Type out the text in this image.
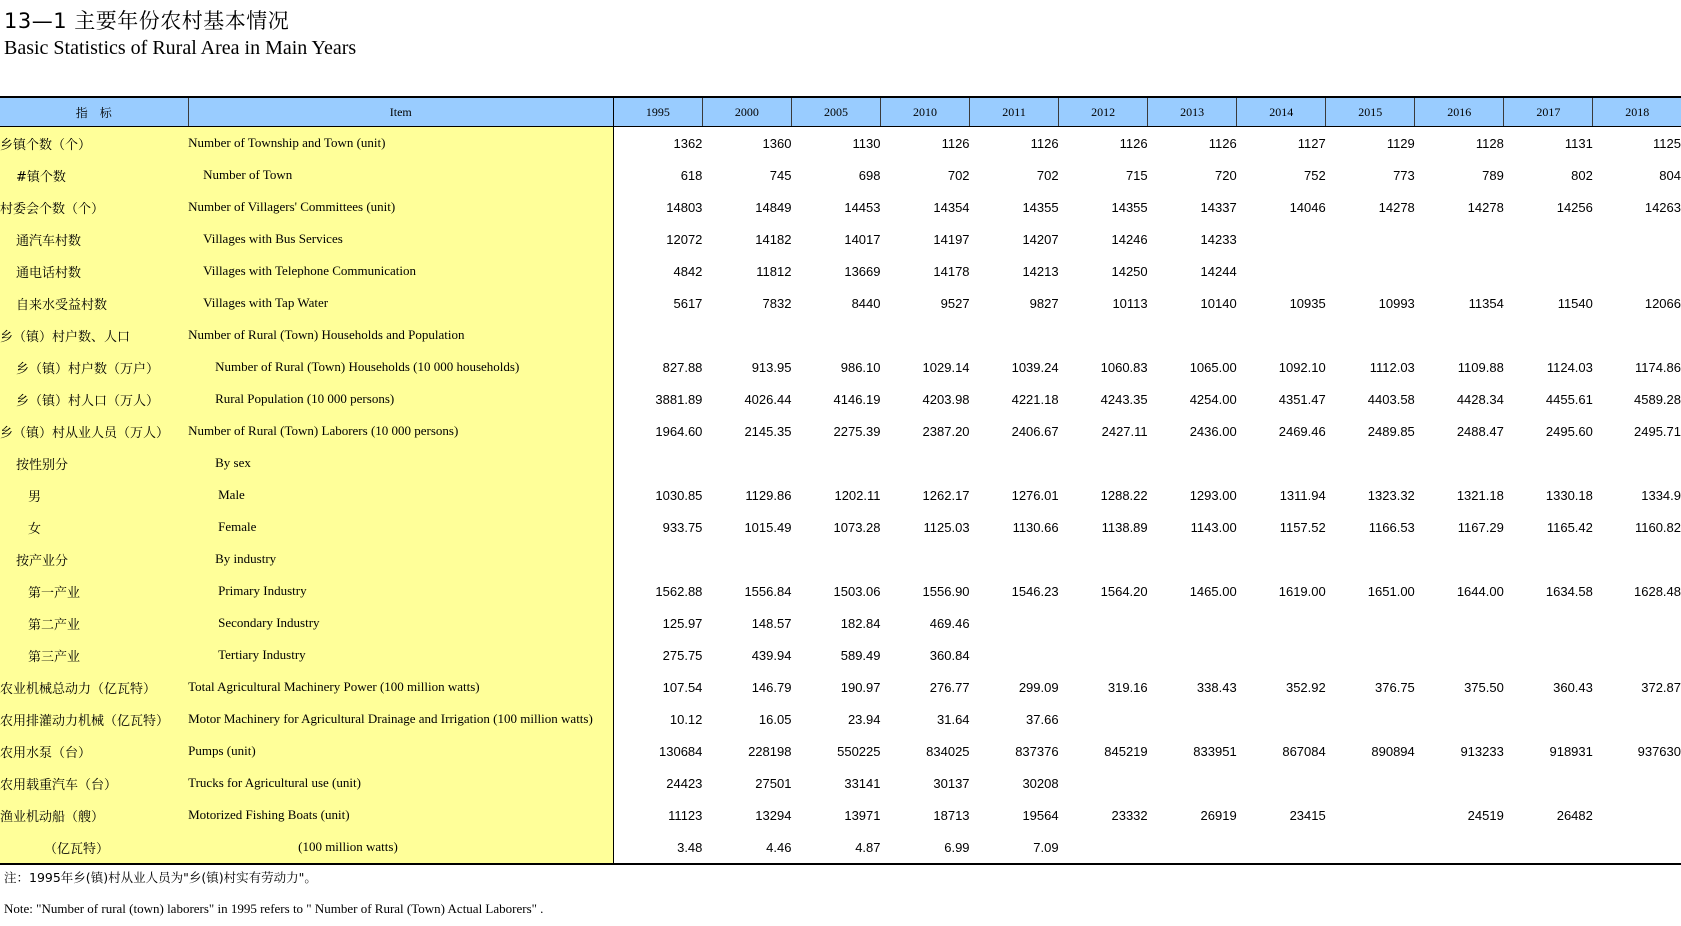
13—1 主要年份农村基本情况
Basic Statistics of Rural Area in Main Years
指　标	Item	1995	2000	2005	2010	2011	2012	2013	2014	2015	2016	2017	2018
乡镇个数（个）	Number of Township and Town (unit)	1362	1360	1130	1126	1126	1126	1126	1127	1129	1128	1131	1125
#镇个数	Number of Town	618	745	698	702	702	715	720	752	773	789	802	804
村委会个数（个）	Number of Villagers' Committees (unit)	14803	14849	14453	14354	14355	14355	14337	14046	14278	14278	14256	14263
通汽车村数	Villages with Bus Services	12072	14182	14017	14197	14207	14246	14233					
通电话村数	Villages with Telephone Communication	4842	11812	13669	14178	14213	14250	14244					
自来水受益村数	Villages with Tap Water	5617	7832	8440	9527	9827	10113	10140	10935	10993	11354	11540	12066
乡（镇）村户数、人口	Number of Rural (Town) Households and Population												
乡（镇）村户数（万户）	Number of Rural (Town) Households (10 000 households)	827.88	913.95	986.10	1029.14	1039.24	1060.83	1065.00	1092.10	1112.03	1109.88	1124.03	1174.86
乡（镇）村人口（万人）	Rural Population (10 000 persons)	3881.89	4026.44	4146.19	4203.98	4221.18	4243.35	4254.00	4351.47	4403.58	4428.34	4455.61	4589.28
乡（镇）村从业人员（万人）	Number of Rural (Town) Laborers (10 000 persons)	1964.60	2145.35	2275.39	2387.20	2406.67	2427.11	2436.00	2469.46	2489.85	2488.47	2495.60	2495.71
按性别分	By sex												
男	Male	1030.85	1129.86	1202.11	1262.17	1276.01	1288.22	1293.00	1311.94	1323.32	1321.18	1330.18	1334.9
女	Female	933.75	1015.49	1073.28	1125.03	1130.66	1138.89	1143.00	1157.52	1166.53	1167.29	1165.42	1160.82
按产业分	By industry												
第一产业	Primary Industry	1562.88	1556.84	1503.06	1556.90	1546.23	1564.20	1465.00	1619.00	1651.00	1644.00	1634.58	1628.48
第二产业	Secondary Industry	125.97	148.57	182.84	469.46								
第三产业	Tertiary Industry	275.75	439.94	589.49	360.84								
农业机械总动力（亿瓦特）	Total Agricultural Machinery Power (100 million watts)	107.54	146.79	190.97	276.77	299.09	319.16	338.43	352.92	376.75	375.50	360.43	372.87
农用排灌动力机械（亿瓦特）	Motor Machinery for Agricultural Drainage and Irrigation (100 million watts)	10.12	16.05	23.94	31.64	37.66							
农用水泵（台）	Pumps (unit)	130684	228198	550225	834025	837376	845219	833951	867084	890894	913233	918931	937630
农用载重汽车（台）	Trucks for Agricultural use (unit)	24423	27501	33141	30137	30208							
渔业机动船（艘）	Motorized Fishing Boats (unit)	11123	13294	13971	18713	19564	23332	26919	23415		24519	26482	
（亿瓦特）	(100 million watts)	3.48	4.46	4.87	6.99	7.09							
注：1995年乡(镇)村从业人员为"乡(镇)村实有劳动力"。
Note: "Number of rural (town) laborers" in 1995 refers to " Number of Rural (Town) Actual Laborers" .
